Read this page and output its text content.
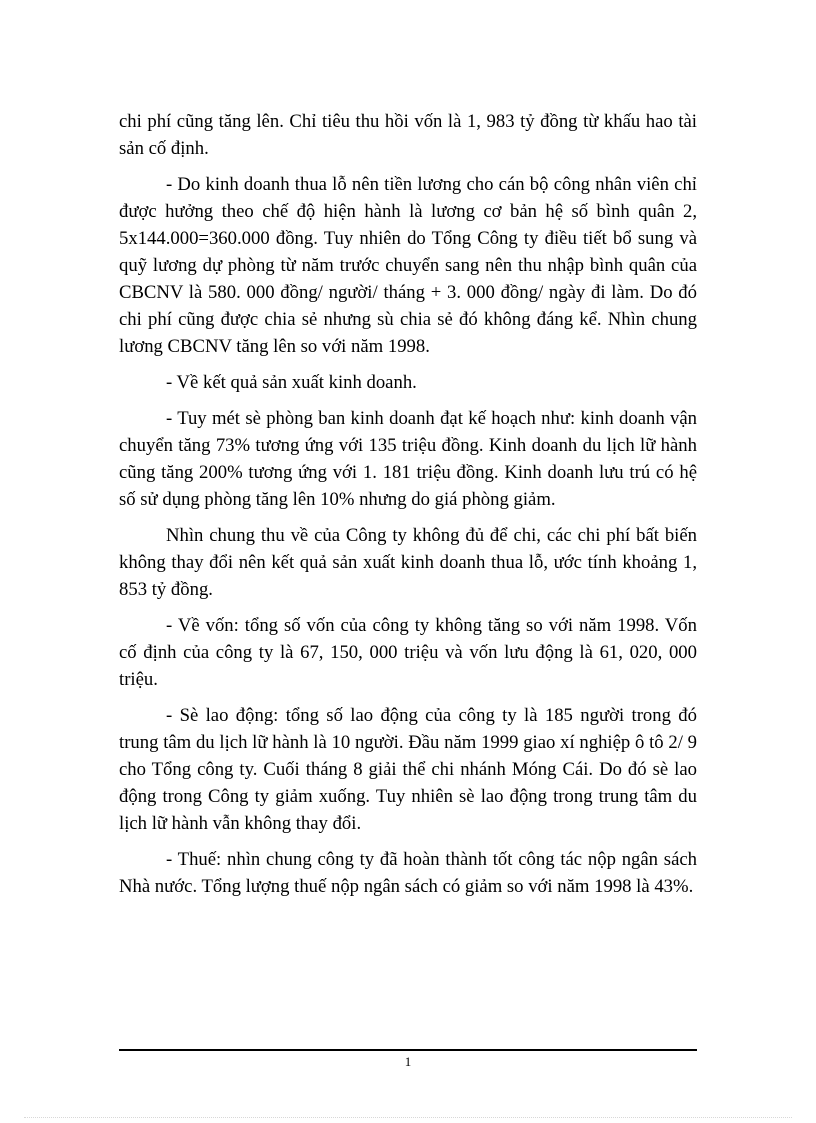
chi phí cũng tăng lên. Chỉ tiêu thu hồi vốn là 1, 983 tỷ đồng từ khấu hao tài sản cố định.

- Do kinh doanh thua lỗ nên tiền lương cho cán bộ công nhân viên chỉ được hưởng theo chế độ hiện hành là lương cơ bản hệ số bình quân 2, 5x144.000=360.000 đồng. Tuy nhiên do Tổng Công ty điều tiết bổ sung và quỹ lương dự phòng từ năm trước chuyển sang nên thu nhập bình quân của CBCNV là 580. 000 đồng/ người/ tháng + 3. 000 đồng/ ngày đi làm. Do đó chi phí cũng được chia sẻ nhưng sù chia sẻ đó không đáng kể. Nhìn chung lương CBCNV tăng lên so với năm 1998.

- Về kết quả sản xuất kinh doanh.

- Tuy mét sè phòng ban kinh doanh đạt kế hoạch như: kinh doanh vận chuyển tăng 73% tương ứng với 135 triệu đồng. Kinh doanh du lịch lữ hành cũng tăng 200% tương ứng với 1. 181 triệu đồng. Kinh doanh lưu trú có hệ số sử dụng phòng tăng lên 10% nhưng do giá phòng giảm.

Nhìn chung thu về của Công ty không đủ để chi, các chi phí bất biến không thay đổi nên kết quả sản xuất kinh doanh thua lỗ, ước tính khoảng 1, 853 tỷ đồng.

- Về vốn: tổng số vốn của công ty không tăng so với năm 1998. Vốn cố định của công ty là 67, 150, 000 triệu và vốn lưu động là 61, 020, 000 triệu.

- Sè lao động: tổng số lao động của công ty là 185 người trong đó trung tâm du lịch lữ hành là 10 người. Đầu năm 1999 giao xí nghiệp ô tô 2/ 9 cho Tổng công ty. Cuối tháng 8 giải thể chi nhánh Móng Cái. Do đó sè lao động trong Công ty giảm xuống. Tuy nhiên sè lao động trong trung tâm du lịch lữ hành vẫn không thay đổi.

- Thuế: nhìn chung công ty đã hoàn thành tốt công tác nộp ngân sách Nhà nước. Tổng lượng thuế nộp ngân sách có giảm so với năm 1998 là 43%.

1
